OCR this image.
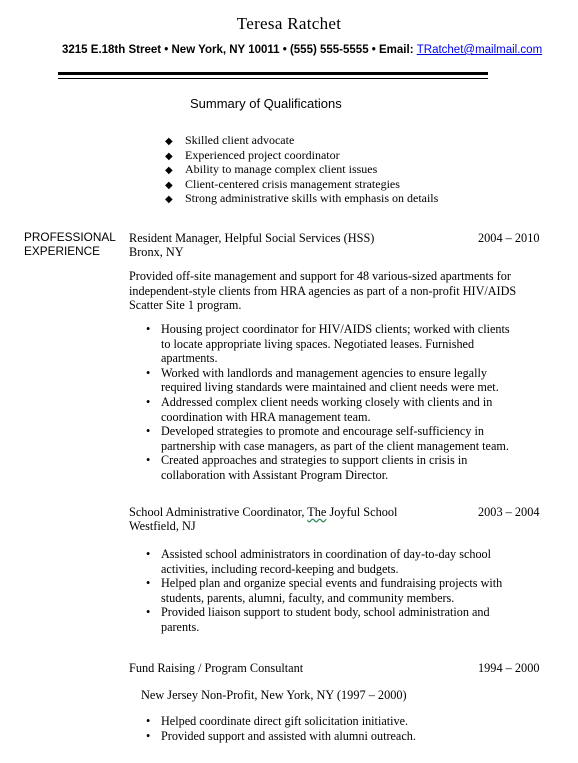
Teresa Ratchet
3215 E.18th Street • New York, NY 10011 • (555) 555-5555 • Email: TRatchet@mailmail.com
Summary of Qualifications
◆ Skilled client advocate
◆ Experienced project coordinator
◆ Ability to manage complex client issues
◆ Client-centered crisis management strategies
◆ Strong administrative skills with emphasis on details
PROFESSIONAL EXPERIENCE
Resident Manager, Helpful Social Services (HSS)	2004 – 2010
Bronx, NY
Provided off-site management and support for 48 various-sized apartments for
independent-style clients from HRA agencies as part of a non-profit HIV/AIDS
Scatter Site 1 program.
• Housing project coordinator for HIV/AIDS clients; worked with clients
to locate appropriate living spaces. Negotiated leases. Furnished
apartments.
• Worked with landlords and management agencies to ensure legally
required living standards were maintained and client needs were met.
• Addressed complex client needs working closely with clients and in
coordination with HRA management team.
• Developed strategies to promote and encourage self-sufficiency in
partnership with case managers, as part of the client management team.
• Created approaches and strategies to support clients in crisis in
collaboration with Assistant Program Director.
School Administrative Coordinator, The Joyful School	2003 – 2004
Westfield, NJ
• Assisted school administrators in coordination of day-to-day school
activities, including record-keeping and budgets.
• Helped plan and organize special events and fundraising projects with
students, parents, alumni, faculty, and community members.
• Provided liaison support to student body, school administration and
parents.
Fund Raising / Program Consultant	1994 – 2000
New Jersey Non-Profit, New York, NY (1997 – 2000)
• Helped coordinate direct gift solicitation initiative.
• Provided support and assisted with alumni outreach.
